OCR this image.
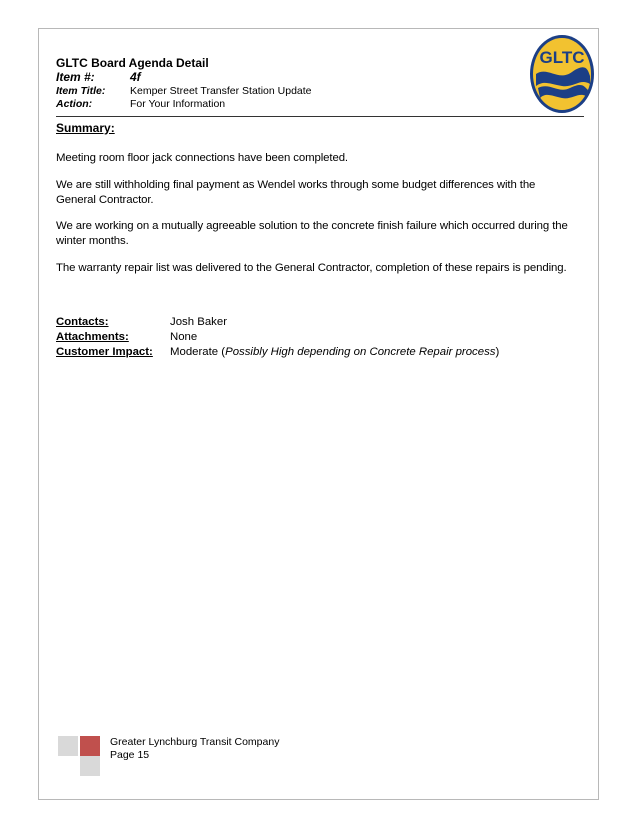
GLTC Board Agenda Detail
Item #:	4f
Item Title:	Kemper Street Transfer Station Update
Action:	For Your Information
GLTC
Summary:
Meeting room floor jack connections have been completed.
We are still withholding final payment as Wendel works through some budget differences with the General Contractor.
We are working on a mutually agreeable solution to the concrete finish failure which occurred during the winter months.
The warranty repair list was delivered to the General Contractor, completion of these repairs is pending.
Contacts:	Josh Baker
Attachments:	None
Customer Impact: Moderate (Possibly High depending on Concrete Repair process)
Greater Lynchburg Transit Company
Page 15
